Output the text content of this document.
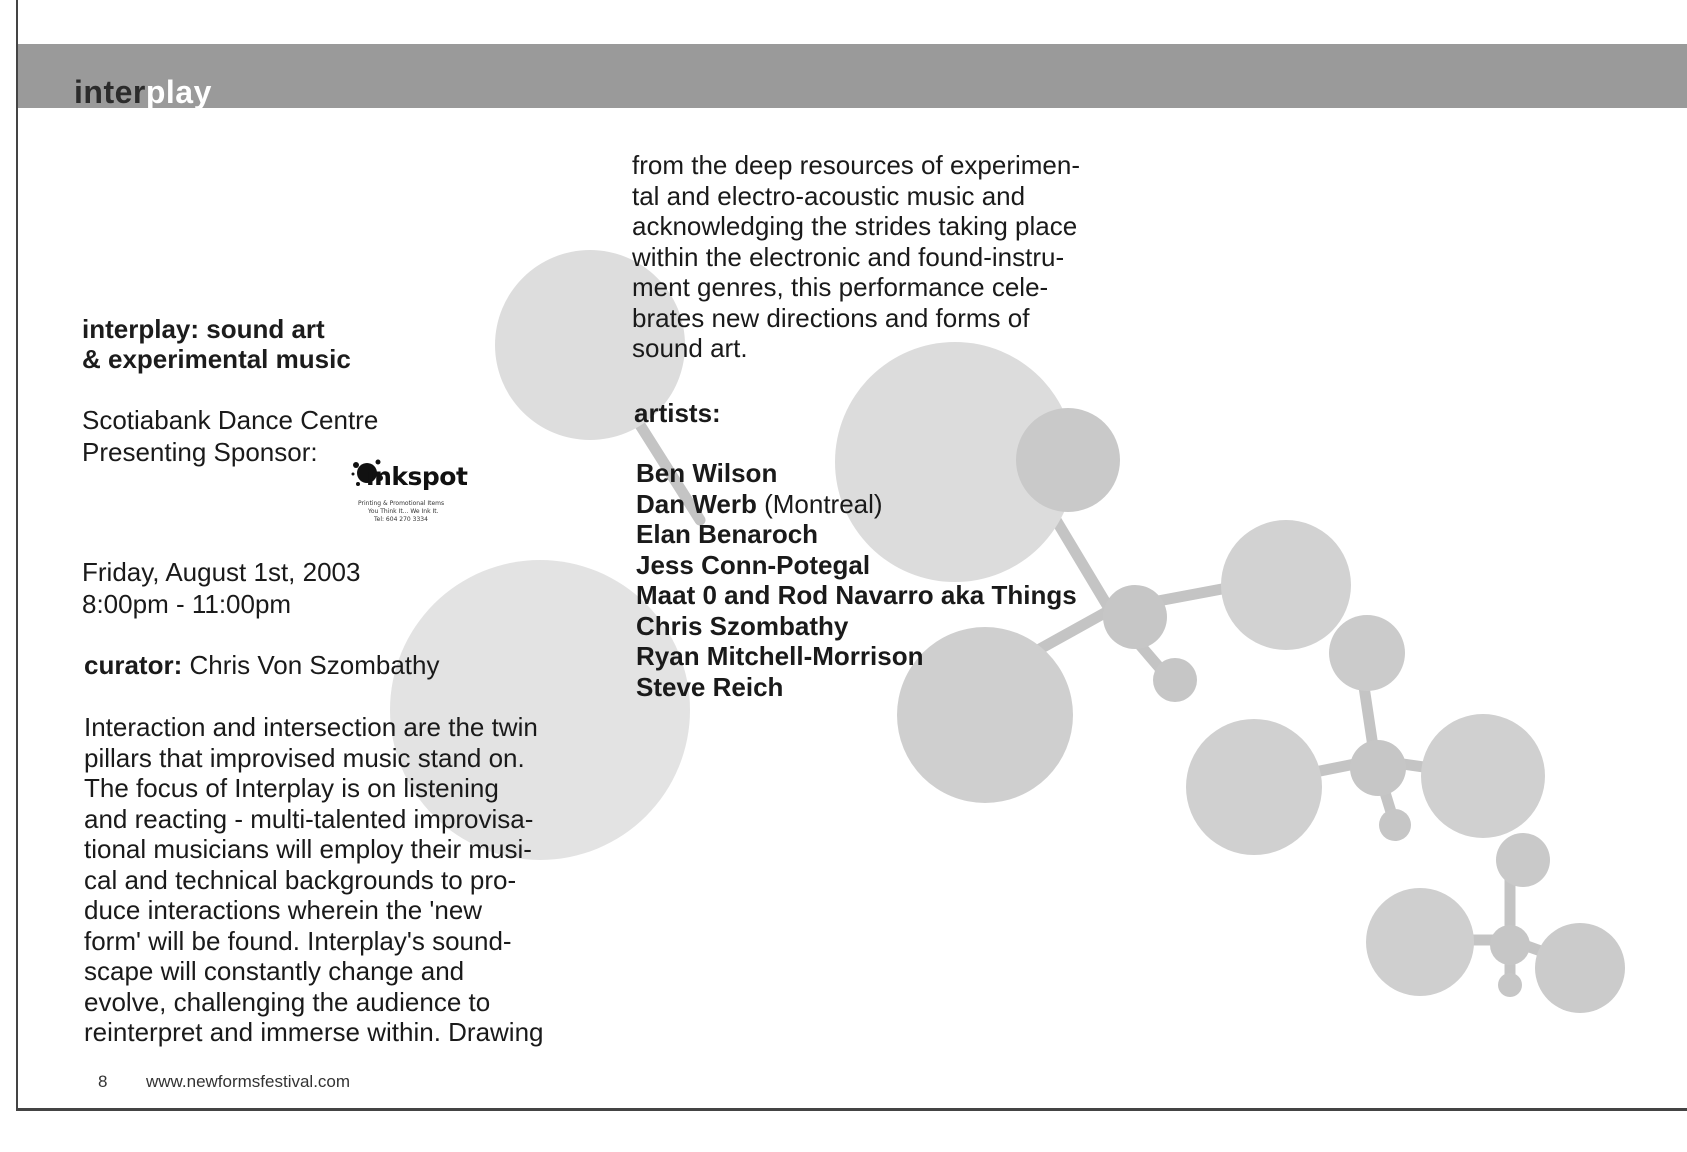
interplay
interplay: sound art
& experimental music
Scotiabank Dance Centre
Presenting Sponsor:
inkspot
Printing & Promotional Items
You Think It... We Ink It.
Tel: 604 270 3334
Friday, August 1st, 2003
8:00pm - 11:00pm
curator: Chris Von Szombathy
Interaction and intersection are the twin
pillars that improvised music stand on.
The focus of Interplay is on listening
and reacting - multi-talented improvisa-
tional musicians will employ their musi-
cal and technical backgrounds to pro-
duce interactions wherein the 'new
form' will be found. Interplay's sound-
scape will constantly change and
evolve, challenging the audience to
reinterpret and immerse within. Drawing
from the deep resources of experimen-
tal and electro-acoustic music and
acknowledging the strides taking place
within the electronic and found-instru-
ment genres, this performance cele-
brates new directions and forms of
sound art.
artists:
Ben Wilson
Dan Werb (Montreal)
Elan Benaroch
Jess Conn-Potegal
Maat 0 and Rod Navarro aka Things
Chris Szombathy
Ryan Mitchell-Morrison
Steve Reich
8 www.newformsfestival.com
